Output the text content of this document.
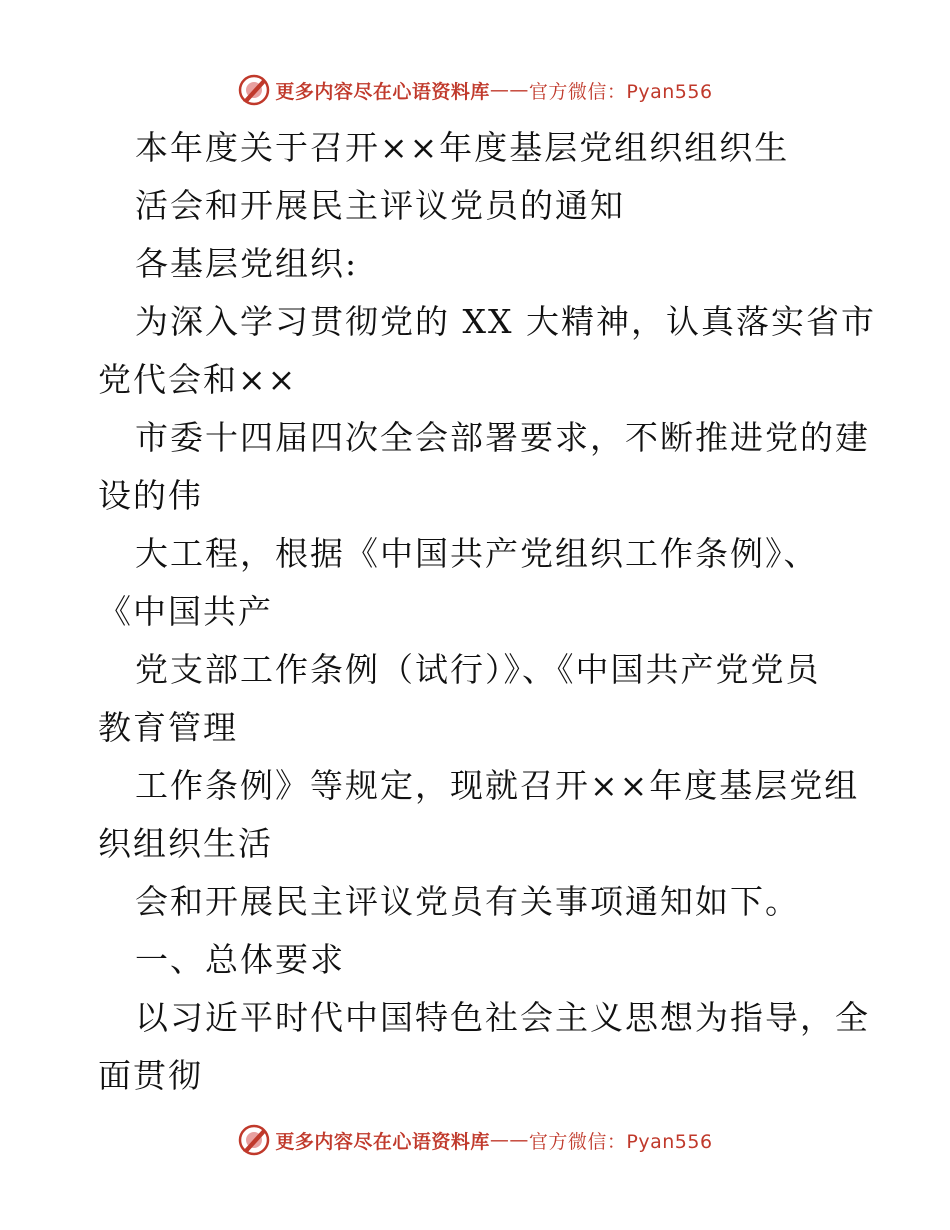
更多内容尽在心语资料库 —— 官方微信：Pyan556
本年度关于召开××年度基层党组织组织生
活会和开展民主评议党员的通知
各基层党组织:
为深入学习贯彻党的 XX 大精神，认真落实省市
党代会和××
市委十四届四次全会部署要求，不断推进党的建
设的伟
大工程，根据《中国共产党组织工作条例》、
《中国共产
党支部工作条例（试行）》、《中国共产党党员
教育管理
工作条例》等规定，现就召开××年度基层党组
织组织生活
会和开展民主评议党员有关事项通知如下。
一、总体要求
以习近平时代中国特色社会主义思想为指导，全
面贯彻
更多内容尽在心语资料库 —— 官方微信：Pyan556
